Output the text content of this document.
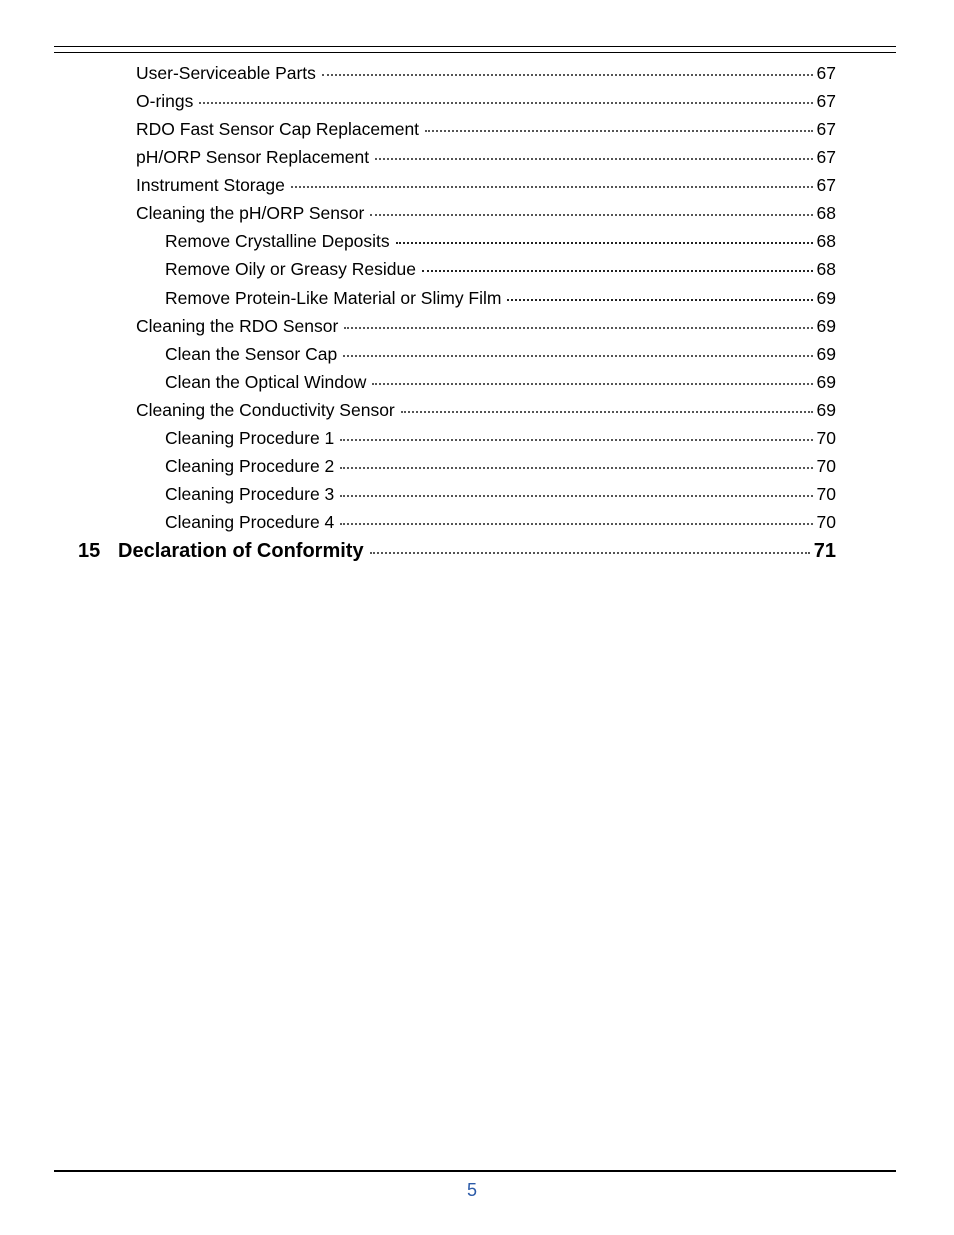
User-Serviceable Parts	67
O-rings	67
RDO Fast Sensor Cap Replacement	67
pH/ORP Sensor Replacement	67
Instrument Storage	67
Cleaning the pH/ORP Sensor	68
Remove Crystalline Deposits	68
Remove Oily or Greasy Residue	68
Remove Protein-Like Material or Slimy Film	69
Cleaning the RDO Sensor	69
Clean the Sensor Cap	69
Clean the Optical Window	69
Cleaning the Conductivity Sensor	69
Cleaning Procedure 1	70
Cleaning Procedure 2	70
Cleaning Procedure 3	70
Cleaning Procedure 4	70
15 Declaration of Conformity	71
5
